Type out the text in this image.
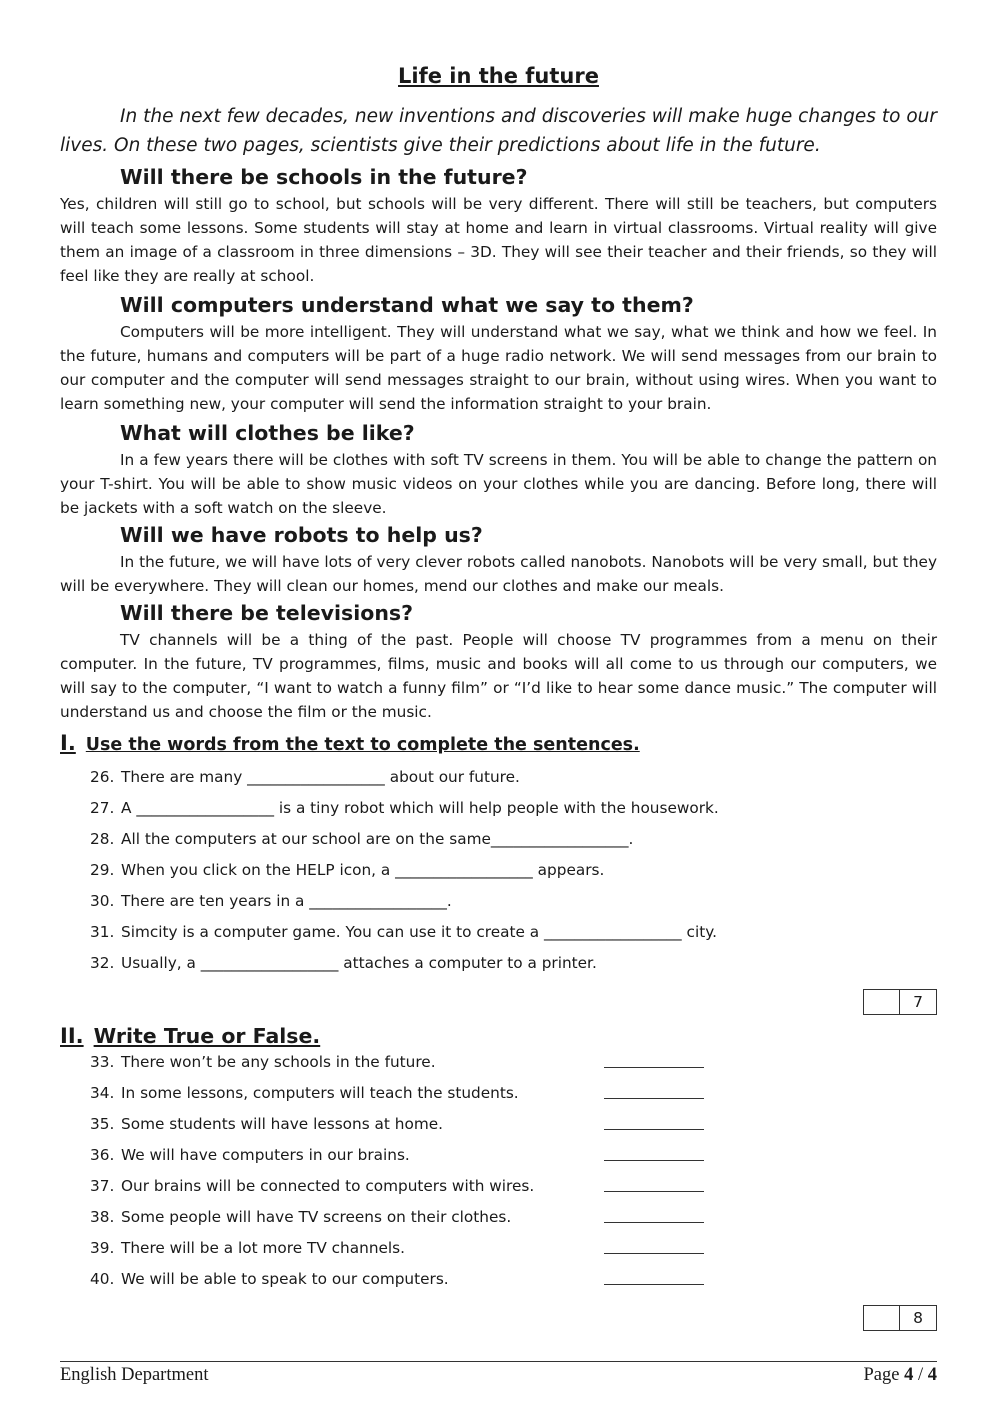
Life in the future

In the next few decades, new inventions and discoveries will make huge changes to our lives. On these two pages, scientists give their predictions about life in the future.

Will there be schools in the future?

Yes, children will still go to school, but schools will be very different. There will still be teachers, but computers will teach some lessons. Some students will stay at home and learn in virtual classrooms. Virtual reality will give them an image of a classroom in three dimensions – 3D. They will see their teacher and their friends, so they will feel like they are really at school.

Will computers understand what we say to them?

Computers will be more intelligent. They will understand what we say, what we think and how we feel. In the future, humans and computers will be part of a huge radio network. We will send messages from our brain to our computer and the computer will send messages straight to our brain, without using wires. When you want to learn something new, your computer will send the information straight to your brain.

What will clothes be like?

In a few years there will be clothes with soft TV screens in them. You will be able to change the pattern on your T-shirt. You will be able to show music videos on your clothes while you are dancing. Before long, there will be jackets with a soft watch on the sleeve.

Will we have robots to help us?

In the future, we will have lots of very clever robots called nanobots. Nanobots will be very small, but they will be everywhere. They will clean our homes, mend our clothes and make our meals.

Will there be televisions?

TV channels will be a thing of the past. People will choose TV programmes from a menu on their computer. In the future, TV programmes, films, music and books will all come to us through our computers, we will say to the computer, “I want to watch a funny film” or “I’d like to hear some dance music.” The computer will understand us and choose the film or the music.

I. Use the words from the text to complete the sentences.
26. There are many __________________ about our future.
27. A __________________ is a tiny robot which will help people with the housework.
28. All the computers at our school are on the same__________________.
29. When you click on the HELP icon, a __________________ appears.
30. There are ten years in a __________________.
31. Simcity is a computer game. You can use it to create a __________________ city.
32. Usually, a __________________ attaches a computer to a printer.
7
II. Write True or False.
33. There won’t be any schools in the future.
34. In some lessons, computers will teach the students.
35. Some students will have lessons at home.
36. We will have computers in our brains.
37. Our brains will be connected to computers with wires.
38. Some people will have TV screens on their clothes.
39. There will be a lot more TV channels.
40. We will be able to speak to our computers.
8
English Department	Page 4 / 4
